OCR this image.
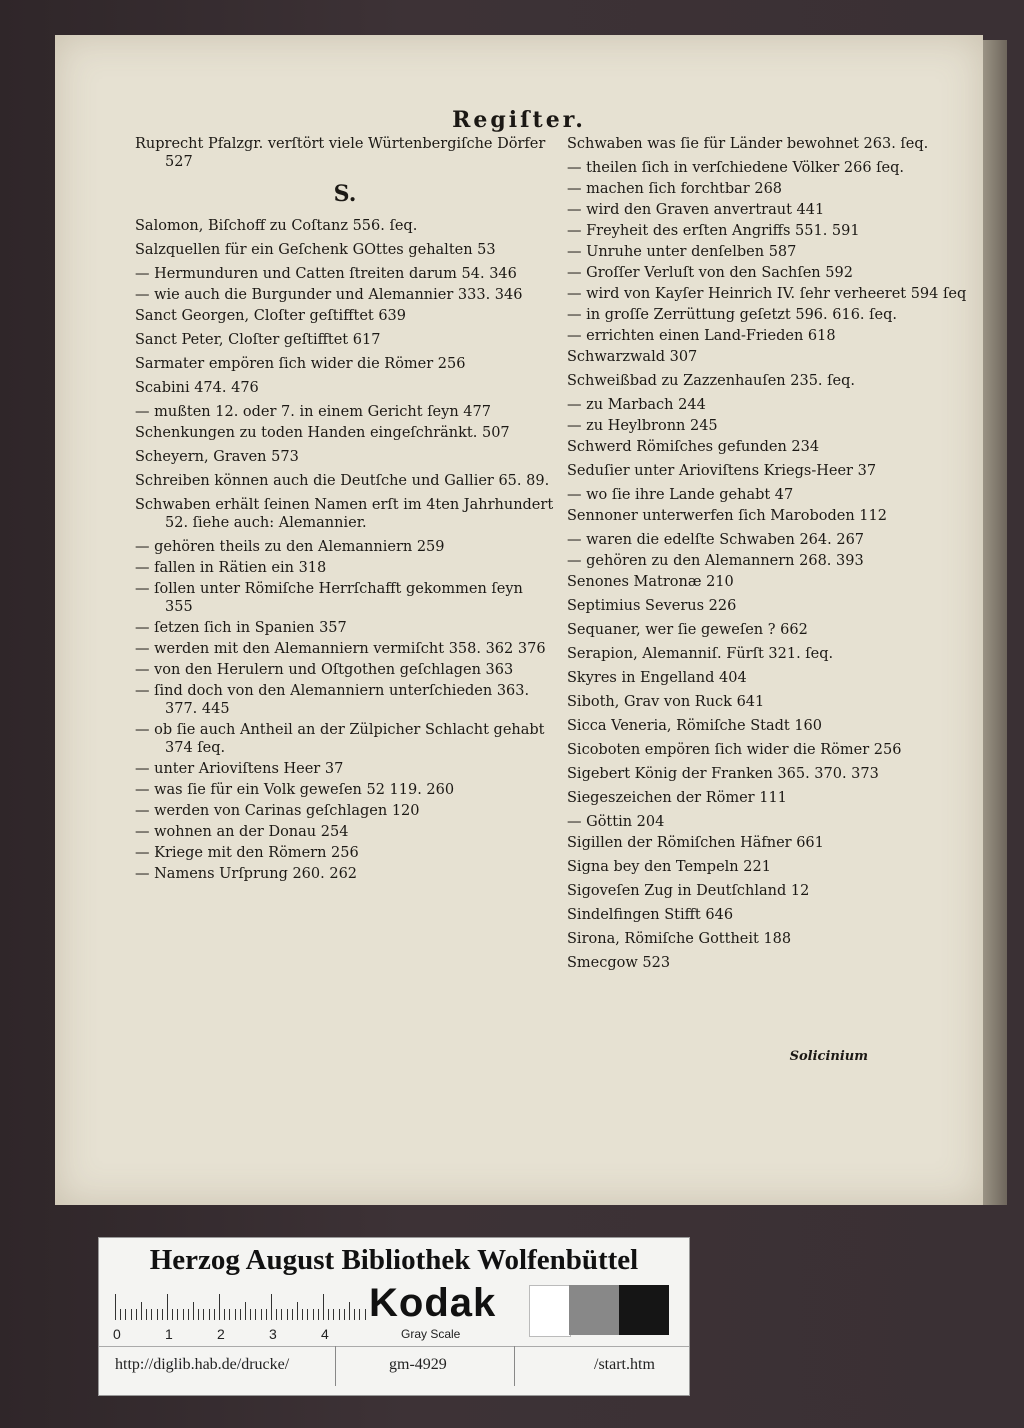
Regiſter.
Ruprecht Pfalzgr. verſtört viele Würtenbergiſche Dörfer 527
S.
Salomon, Biſchoff zu Coſtanz 556. ſeq.
Salzquellen für ein Geſchenk GOttes gehalten 53
— Hermunduren und Catten ſtreiten darum 54. 346
— wie auch die Burgunder und Alemannier 333. 346
Sanct Georgen, Cloſter geſtifftet 639
Sanct Peter, Cloſter geſtifftet 617
Sarmater empören ſich wider die Römer 256
Scabini 474. 476
— mußten 12. oder 7. in einem Gericht ſeyn 477
Schenkungen zu toden Handen eingeſchränkt. 507
Scheyern, Graven 573
Schreiben können auch die Deutſche und Gallier 65. 89.
Schwaben erhält ſeinen Namen erſt im 4ten Jahrhundert 52. ſiehe auch: Alemannier.
— gehören theils zu den Alemanniern 259
— fallen in Rätien ein 318
— ſollen unter Römiſche Herrſchafft gekommen ſeyn 355
— ſetzen ſich in Spanien 357
— werden mit den Alemanniern vermiſcht 358. 362 376
— von den Herulern und Oſtgothen geſchlagen 363
— ſind doch von den Alemanniern unterſchieden 363. 377. 445
— ob ſie auch Antheil an der Zülpicher Schlacht gehabt 374 ſeq.
— unter Arioviſtens Heer 37
— was ſie für ein Volk geweſen 52 119. 260
— werden von Carinas geſchlagen 120
— wohnen an der Donau 254
— Kriege mit den Römern 256
— Namens Urſprung 260. 262
Schwaben was ſie für Länder bewohnet 263. ſeq.
— theilen ſich in verſchiedene Völker 266 ſeq.
— machen ſich forchtbar 268
— wird den Graven anvertraut 441
— Freyheit des erſten Angriffs 551. 591
— Unruhe unter denſelben 587
— Groſſer Verluſt von den Sachſen 592
— wird von Kayſer Heinrich IV. ſehr verheeret 594 ſeq
— in groſſe Zerrüttung geſetzt 596. 616. ſeq.
— errichten einen Land-Frieden 618
Schwarzwald 307
Schweißbad zu Zazzenhauſen 235. ſeq.
— zu Marbach 244
— zu Heylbronn 245
Schwerd Römiſches gefunden 234
Seduſier unter Arioviſtens Kriegs-Heer 37
— wo ſie ihre Lande gehabt 47
Sennoner unterwerfen ſich Maroboden 112
— waren die edelſte Schwaben 264. 267
— gehören zu den Alemannern 268. 393
Senones Matronæ 210
Septimius Severus 226
Sequaner, wer ſie geweſen ? 662
Serapion, Alemanniſ. Fürſt 321. ſeq.
Skyres in Engelland 404
Siboth, Grav von Ruck 641
Sicca Veneria, Römiſche Stadt 160
Sicoboten empören ſich wider die Römer 256
Sigebert König der Franken 365. 370. 373
Siegeszeichen der Römer 111
— Göttin 204
Sigillen der Römiſchen Häfner 661
Signa bey den Tempeln 221
Sigoveſen Zug in Deutſchland 12
Sindelfingen Stifft 646
Sirona, Römiſche Gottheit 188
Smecgow 523
Solicinium
Herzog August Bibliothek Wolfenbüttel
0	1	2	3	4
Kodak
Gray Scale
http://diglib.hab.de/drucke/	gm-4929	/start.htm
